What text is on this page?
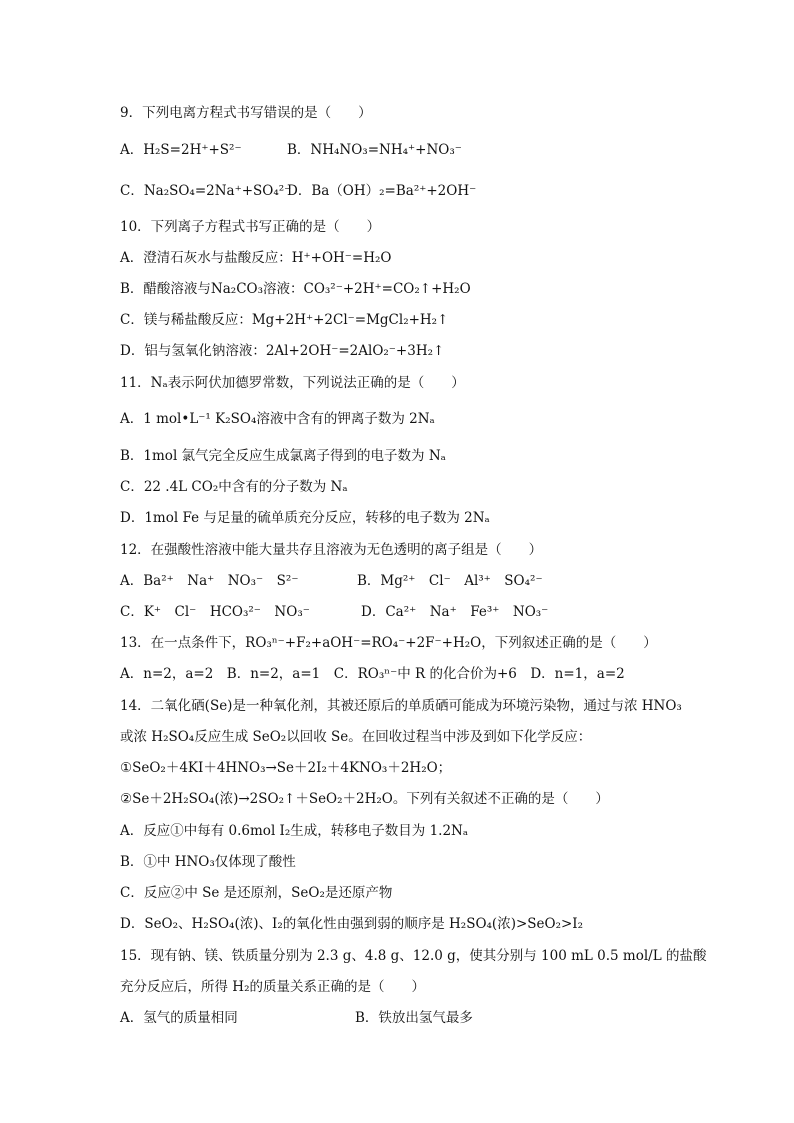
9．下列电离方程式书写错误的是（　　）
A．H₂S=2H⁺+S²⁻	B．NH₄NO₃=NH₄⁺+NO₃⁻
C．Na₂SO₄=2Na⁺+SO₄²⁻
D．Ba（OH）₂=Ba²⁺+2OH⁻
10．下列离子方程式书写正确的是（　　）
A．澄清石灰水与盐酸反应：H⁺+OH⁻=H₂O
B．醋酸溶液与Na₂CO₃溶液：CO₃²⁻+2H⁺=CO₂↑+H₂O
C．镁与稀盐酸反应：Mg+2H⁺+2Cl⁻=MgCl₂+H₂↑
D．铝与氢氧化钠溶液：2Al+2OH⁻=2AlO₂⁻+3H₂↑
11．Nₐ表示阿伏加德罗常数，下列说法正确的是（　　）
A．1 mol•L⁻¹ K₂SO₄溶液中含有的钾离子数为 2Nₐ
B．1mol 氯气完全反应生成氯离子得到的电子数为 Nₐ
C．22 .4L CO₂中含有的分子数为 Nₐ
D．1mol Fe 与足量的硫单质充分反应，转移的电子数为 2Nₐ
12．在强酸性溶液中能大量共存且溶液为无色透明的离子组是（　　）
A．Ba²⁺　Na⁺　NO₃⁻　S²⁻	B．Mg²⁺　Cl⁻　Al³⁺　SO₄²⁻
C．K⁺　Cl⁻　HCO₃²⁻　NO₃⁻	D．Ca²⁺　Na⁺　Fe³⁺　NO₃⁻
13．在一点条件下，RO₃ⁿ⁻+F₂+aOH⁻=RO₄⁻+2F⁻+H₂O，下列叙述正确的是（　　）
A．n=2，a=2　B．n=2，a=1　C．RO₃ⁿ⁻中 R 的化合价为+6　D．n=1，a=2
14．二氧化硒(Se)是一种氧化剂，其被还原后的单质硒可能成为环境污染物，通过与浓 HNO₃
或浓 H₂SO₄反应生成 SeO₂以回收 Se。在回收过程当中涉及到如下化学反应：
①SeO₂＋4KI＋4HNO₃→Se＋2I₂＋4KNO₃＋2H₂O；
②Se＋2H₂SO₄(浓)→2SO₂↑＋SeO₂＋2H₂O。下列有关叙述不正确的是（　　）
A．反应①中每有 0.6mol I₂生成，转移电子数目为 1.2Nₐ
B．①中 HNO₃仅体现了酸性
C．反应②中 Se 是还原剂，SeO₂是还原产物
D．SeO₂、H₂SO₄(浓)、I₂的氧化性由强到弱的顺序是 H₂SO₄(浓)>SeO₂>I₂
15．现有钠、镁、铁质量分别为 2.3 g、4.8 g、12.0 g，使其分别与 100 mL 0.5 mol/L 的盐酸
充分反应后，所得 H₂的质量关系正确的是（　　）
A．氢气的质量相同	B．铁放出氢气最多
